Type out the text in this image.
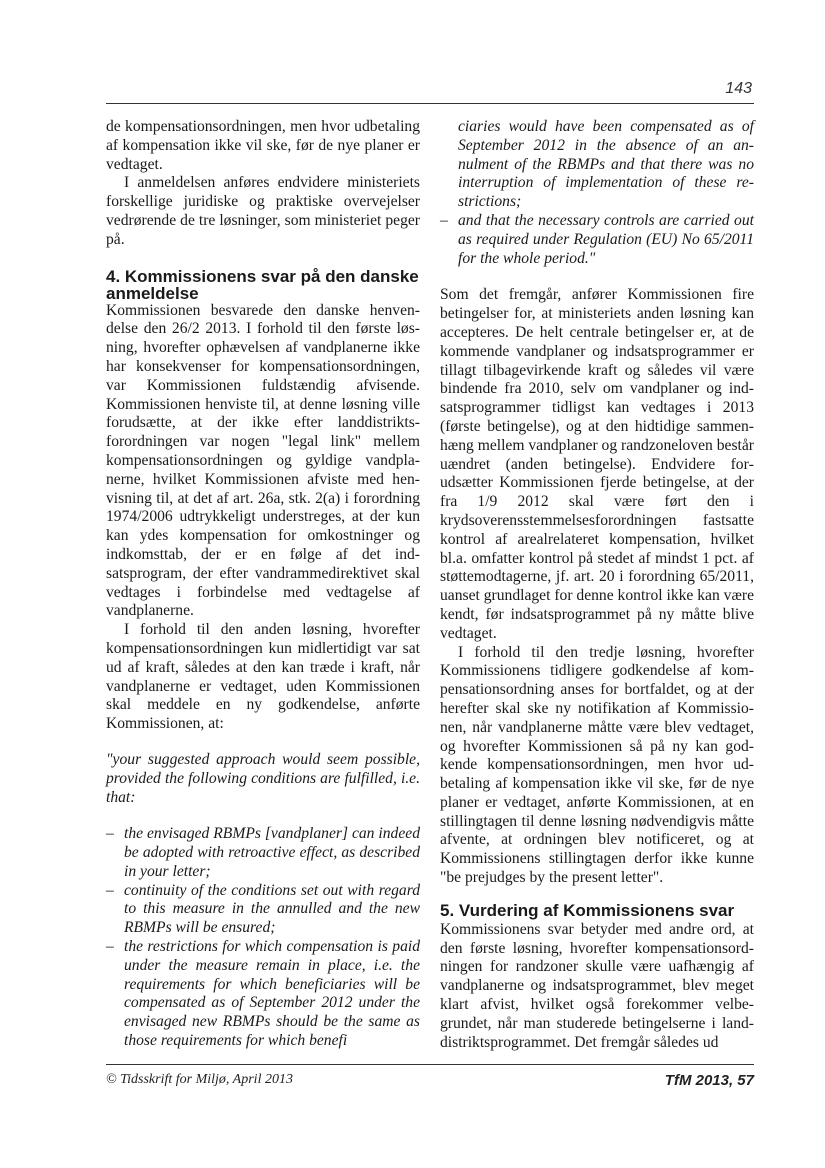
143

de kompensationsordningen, men hvor udbetaling af kompensation ikke vil ske, før de nye planer er vedtaget.

I anmeldelsen anføres endvidere ministeriets forskellige juridiske og praktiske overvejelser vedrørende de tre løsninger, som ministeriet peger på.

4. Kommissionens svar på den danske anmeldelse

Kommissionen besvarede den danske henvendelse den 26/2 2013. I forhold til den første løsning, hvorefter ophævelsen af vandplanerne ikke har konsekvenser for kompensationsordningen, var Kommissionen fuldstændig afvisende. Kommissionen henviste til, at denne løsning ville forudsætte, at der ikke efter landdistriktsforordningen var nogen "legal link" mellem kompensationsordningen og gyldige vandplanerne, hvilket Kommissionen afviste med henvisning til, at det af art. 26a, stk. 2(a) i forordning 1974/2006 udtrykkeligt understreges, at der kun kan ydes kompensation for omkostninger og indkomsttab, der er en følge af det indsatsprogram, der efter vandrammedirektivet skal vedtages i forbindelse med vedtagelse af vandplanerne.

I forhold til den anden løsning, hvorefter kompensationsordningen kun midlertidigt var sat ud af kraft, således at den kan træde i kraft, når vandplanerne er vedtaget, uden Kommissionen skal meddele en ny godkendelse, anførte Kommissionen, at:

"your suggested approach would seem possible, provided the following conditions are fulfilled, i.e. that:

– the envisaged RBMPs [vandplaner] can indeed be adopted with retroactive effect, as described in your letter;
– continuity of the conditions set out with regard to this measure in the annulled and the new RBMPs will be ensured;
– the restrictions for which compensation is paid under the measure remain in place, i.e. the requirements for which beneficiaries will be compensated as of September 2012 under the envisaged new RBMPs should be the same as those requirements for which benefi

ciaries would have been compensated as of September 2012 in the absence of an annulment of the RBMPs and that there was no interruption of implementation of these restrictions;

– and that the necessary controls are carried out as required under Regulation (EU) No 65/2011 for the whole period."

Som det fremgår, anfører Kommissionen fire betingelser for, at ministeriets anden løsning kan accepteres. De helt centrale betingelser er, at de kommende vandplaner og indsatsprogrammer er tillagt tilbagevirkende kraft og således vil være bindende fra 2010, selv om vandplaner og indsatsprogrammer tidligst kan vedtages i 2013 (første betingelse), og at den hidtidige sammenhæng mellem vandplaner og randzoneloven består uændret (anden betingelse). Endvidere forudsætter Kommissionen fjerde betingelse, at der fra 1/9 2012 skal være ført den i krydsoverensstemmelsesforordningen fastsatte kontrol af arealrelateret kompensation, hvilket bl.a. omfatter kontrol på stedet af mindst 1 pct. af støttemodtagerne, jf. art. 20 i forordning 65/2011, uanset grundlaget for denne kontrol ikke kan være kendt, før indsatsprogrammet på ny måtte blive vedtaget.

I forhold til den tredje løsning, hvorefter Kommissionens tidligere godkendelse af kompensationsordning anses for bortfaldet, og at der herefter skal ske ny notifikation af Kommissionen, når vandplanerne måtte være blev vedtaget, og hvorefter Kommissionen så på ny kan godkende kompensationsordningen, men hvor udbetaling af kompensation ikke vil ske, før de nye planer er vedtaget, anførte Kommissionen, at en stillingtagen til denne løsning nødvendigvis måtte afvente, at ordningen blev notificeret, og at Kommissionens stillingtagen derfor ikke kunne "be prejudges by the present letter".

5. Vurdering af Kommissionens svar

Kommissionens svar betyder med andre ord, at den første løsning, hvorefter kompensationsordningen for randzoner skulle være uafhængig af vandplanerne og indsatsprogrammet, blev meget klart afvist, hvilket også forekommer velbegrundet, når man studerede betingelserne i landdistriktsprogrammet. Det fremgår således ud

© Tidsskrift for Miljø, April 2013	TfM 2013, 57
